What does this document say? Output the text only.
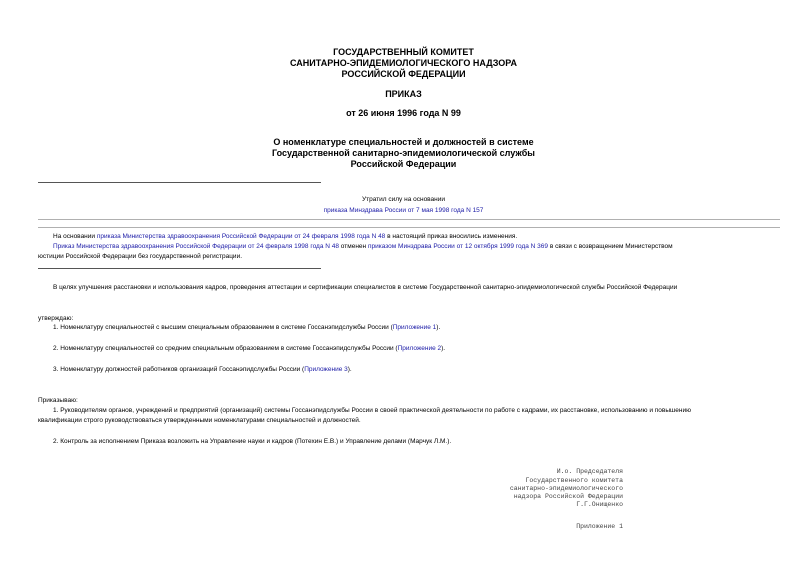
ГОСУДАРСТВЕННЫЙ КОМИТЕТ
САНИТАРНО-ЭПИДЕМИОЛОГИЧЕСКОГО НАДЗОРА
РОССИЙСКОЙ ФЕДЕРАЦИИ
ПРИКАЗ
от 26 июня 1996 года N 99
О номенклатуре специальностей и должностей в системе
Государственной санитарно-эпидемиологической службы
Российской Федерации
Утратил силу на основании
приказа Минздрава России от 7 мая 1998 года N 157
На основании приказа Министерства здравоохранения Российской Федерации от 24 февраля 1998 года N 48 в настоящий приказ вносились изменения.
Приказ Министерства здравоохранения Российской Федерации от 24 февраля 1998 года N 48 отменен приказом Минздрава России от 12 октября 1999 года N 369 в связи с возвращением Министерством
юстиции Российской Федерации без государственной регистрации.
В целях улучшения расстановки и использования кадров, проведения аттестации и сертификации специалистов в системе Государственной санитарно-эпидемиологической службы Российской Федерации
утверждаю:
1. Номенклатуру специальностей с высшим специальным образованием в системе Госсанэпидслужбы России (Приложение 1).
2. Номенклатуру специальностей со средним специальным образованием в системе Госсанэпидслужбы России (Приложение 2).
3. Номенклатуру должностей работников организаций Госсанэпидслужбы России (Приложение 3).
Приказываю:
1. Руководителям органов, учреждений и предприятий (организаций) системы Госсанэпидслужбы России в своей практической деятельности по работе с кадрами, их расстановке, использованию и повышению
квалификации строго руководствоваться утвержденными номенклатурами специальностей и должностей.
2. Контроль за исполнением Приказа возложить на Управление науки и кадров (Потехин Е.В.) и Управление делами (Марчук Л.М.).
И.о. Председателя
Государственного комитета
санитарно-эпидемиологического
надзора Российской Федерации
Г.Г.Онищенко
Приложение 1
